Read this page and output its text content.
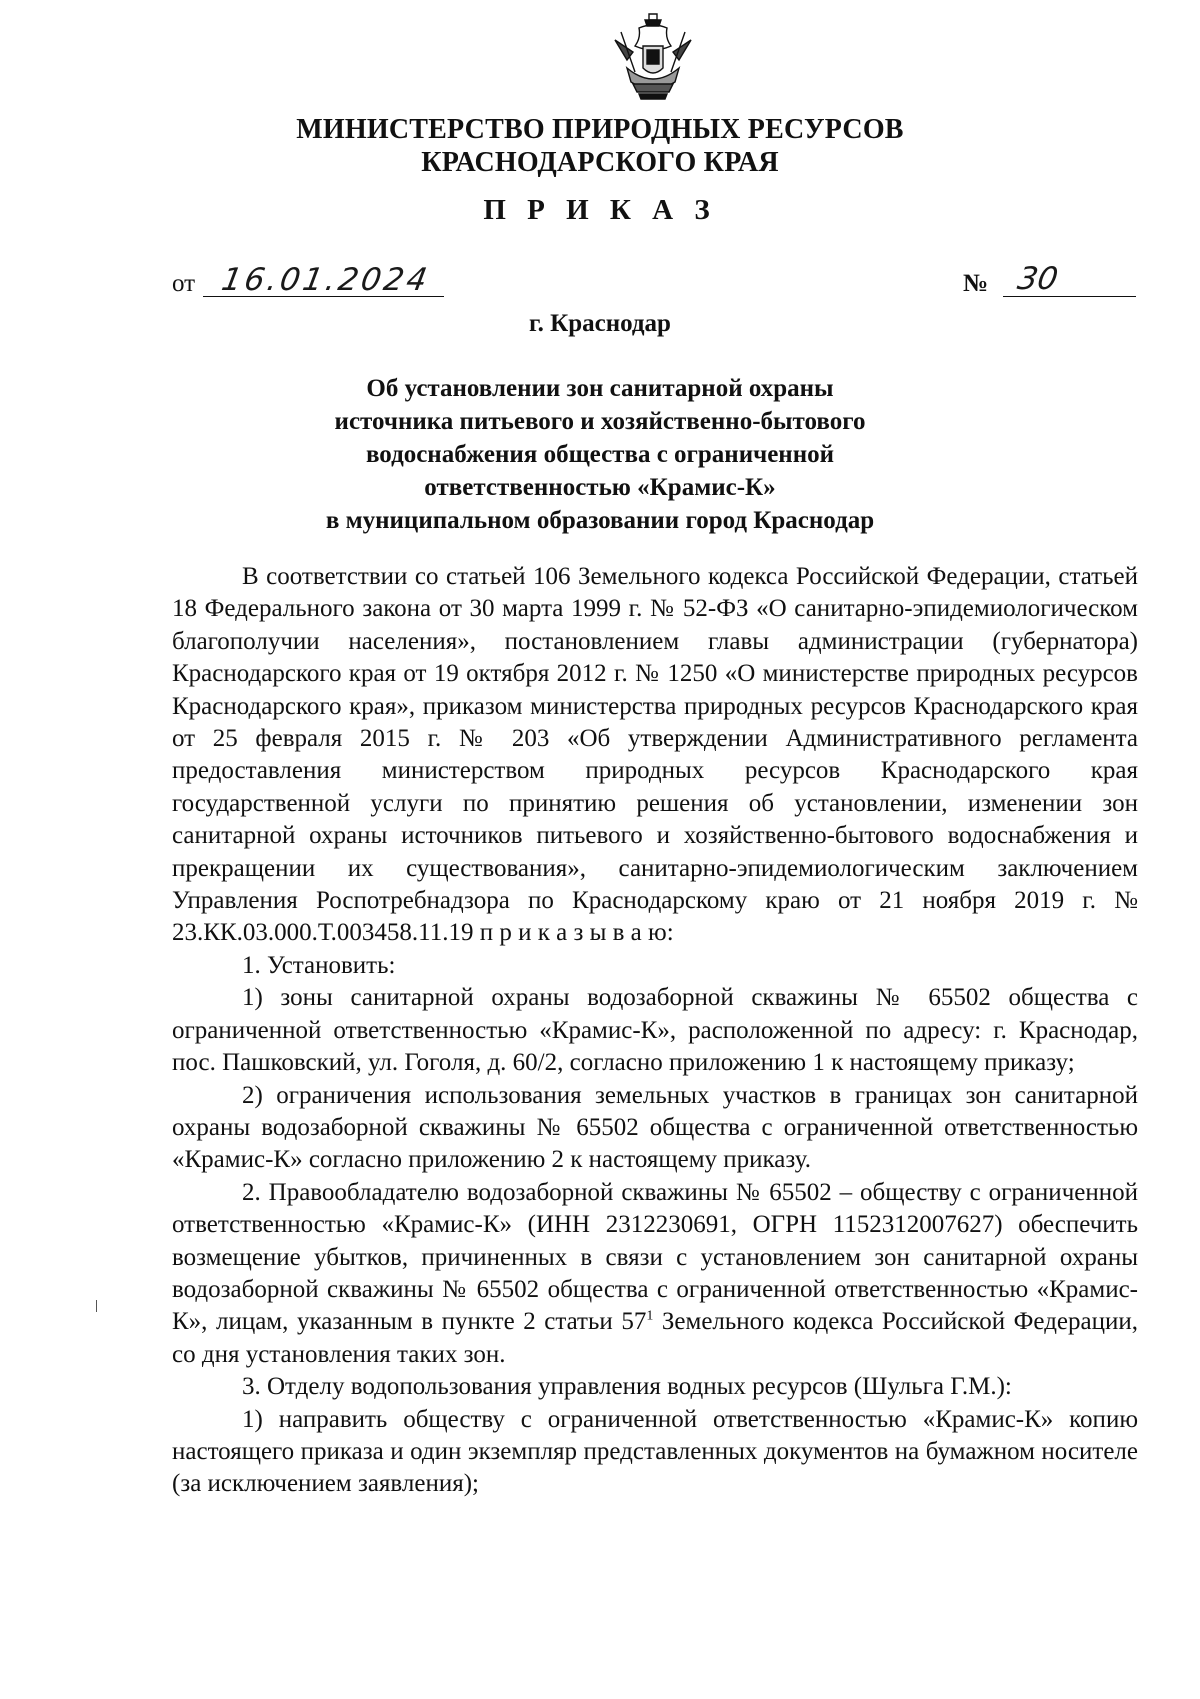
МИНИСТЕРСТВО ПРИРОДНЫХ РЕСУРСОВ
КРАСНОДАРСКОГО КРАЯ
П Р И К А З
от 16.01.2024	№ 30
г. Краснодар
Об установлении зон санитарной охраны
источника питьевого и хозяйственно-бытового
водоснабжения общества с ограниченной
ответственностью «Крамис-К»
в муниципальном образовании город Краснодар

В соответствии со статьей 106 Земельного кодекса Российской Федерации, статьей 18 Федерального закона от 30 марта 1999 г. № 52-ФЗ «О санитарно-эпидемиологическом благополучии населения», постановлением главы администрации (губернатора) Краснодарского края от 19 октября 2012 г. № 1250 «О министерстве природных ресурсов Краснодарского края», приказом министерства природных ресурсов Краснодарского края от 25 февраля 2015 г. № 203 «Об утверждении Административного регламента предоставления министерством природных ресурсов Краснодарского края государственной услуги по принятию решения об установлении, изменении зон санитарной охраны источников питьевого и хозяйственно-бытового водоснабжения и прекращении их существования», санитарно-эпидемиологическим заключением Управления Роспотребнадзора по Краснодарскому краю от 21 ноября 2019 г. № 23.КК.03.000.Т.003458.11.19 п р и к а з ы в а ю:

1. Установить:

1) зоны санитарной охраны водозаборной скважины № 65502 общества с ограниченной ответственностью «Крамис-К», расположенной по адресу: г. Краснодар, пос. Пашковский, ул. Гоголя, д. 60/2, согласно приложению 1 к настоящему приказу;

2) ограничения использования земельных участков в границах зон санитарной охраны водозаборной скважины № 65502 общества с ограниченной ответственностью «Крамис-К» согласно приложению 2 к настоящему приказу.

2. Правообладателю водозаборной скважины № 65502 – обществу с ограниченной ответственностью «Крамис-К» (ИНН 2312230691, ОГРН 1152312007627) обеспечить возмещение убытков, причиненных в связи с установлением зон санитарной охраны водозаборной скважины № 65502 общества с ограниченной ответственностью «Крамис-К», лицам, указанным в пункте 2 статьи $57^1$ Земельного кодекса Российской Федерации, со дня установления таких зон.

3. Отделу водопользования управления водных ресурсов (Шульга Г.М.):

1) направить обществу с ограниченной ответственностью «Крамис-К» копию настоящего приказа и один экземпляр представленных документов на бумажном носителе (за исключением заявления);
